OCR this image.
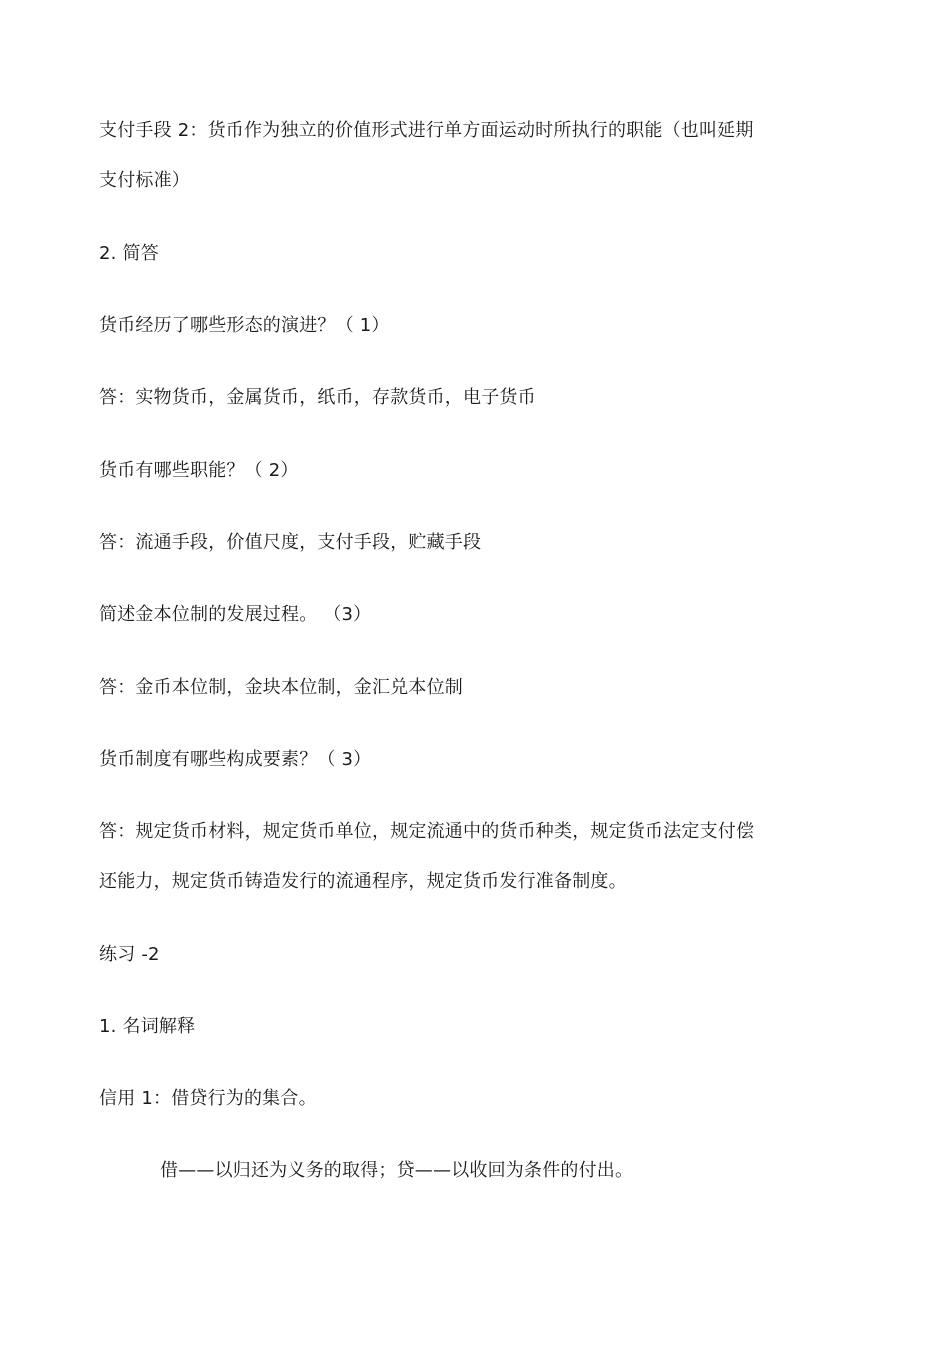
支付手段 2：货币作为独立的价值形式进行单方面运动时所执行的职能（也叫延期
支付标准）
2. 简答
货币经历了哪些形态的演进？（ 1）
答：实物货币，金属货币，纸币，存款货币，电子货币
货币有哪些职能？（ 2）
答：流通手段，价值尺度，支付手段，贮藏手段
简述金本位制的发展过程。 （3）
答：金币本位制，金块本位制，金汇兑本位制
货币制度有哪些构成要素？（ 3）
答：规定货币材料，规定货币单位，规定流通中的货币种类，规定货币法定支付偿
还能力，规定货币铸造发行的流通程序，规定货币发行准备制度。
练习 -2
1. 名词解释
信用 1：借贷行为的集合。
借——以归还为义务的取得；贷——以收回为条件的付出。
